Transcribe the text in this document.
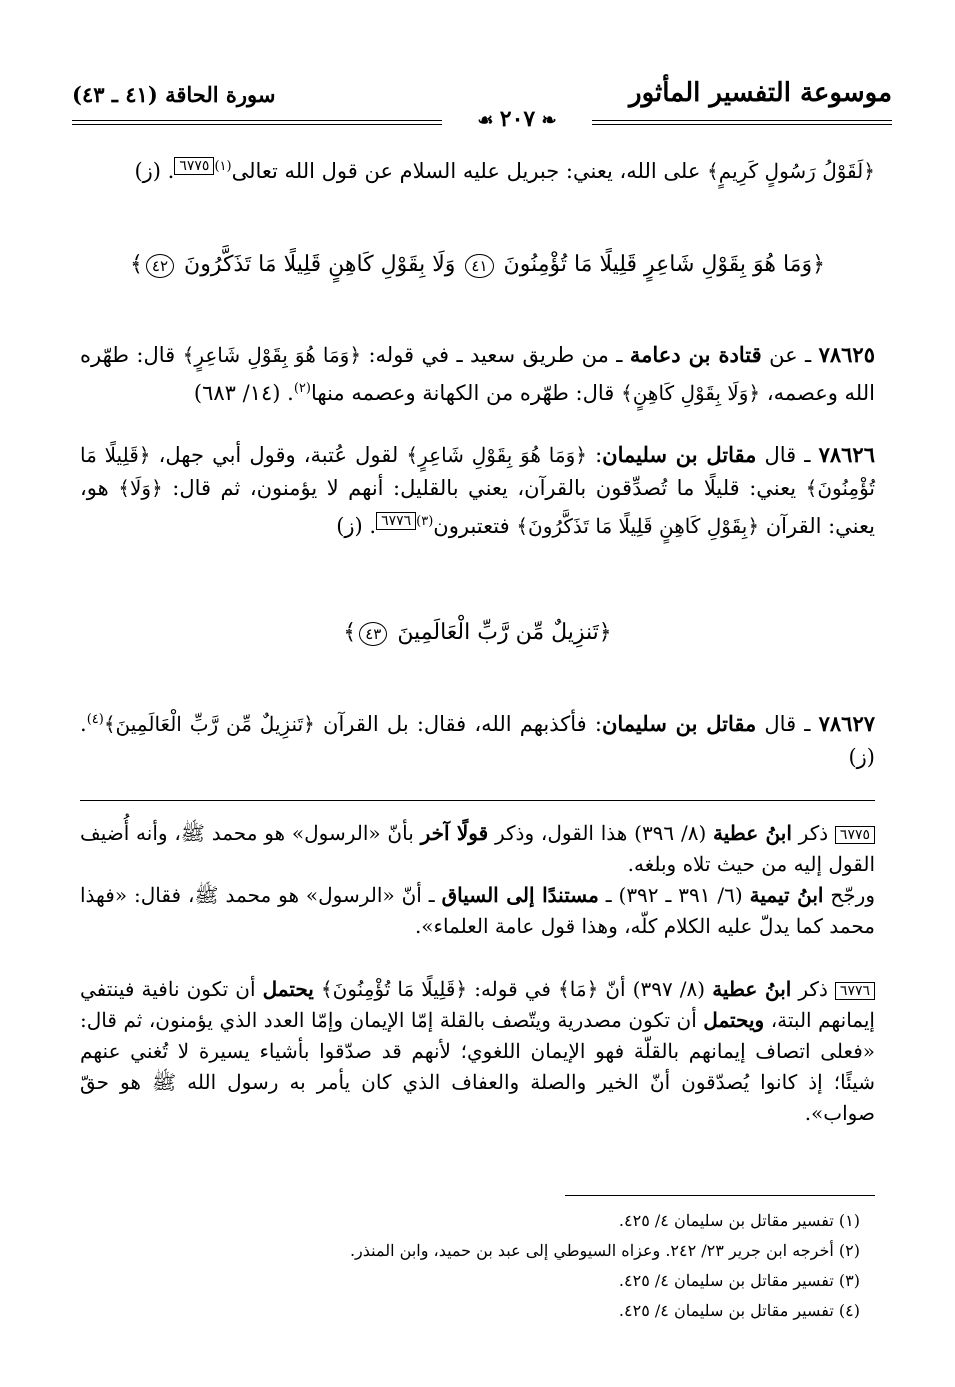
موسوعة التفسير المأثور
سورة الحاقة (٤١ ـ ٤٣)
❧ ٢٠٧ ☙
﴿لَقَوْلُ رَسُولٍ كَرِيمٍ﴾ على الله، يعني: جبريل عليه السلام عن قول الله تعالى$^{(١)}$٦٧٧٥. (ز)
﴿وَمَا هُوَ بِقَوْلِ شَاعِرٍ قَلِيلًا مَا تُؤْمِنُونَ ٤١ وَلَا بِقَوْلِ كَاهِنٍ قَلِيلًا مَا تَذَكَّرُونَ ٤٢﴾
٧٨٦٢٥ ـ عن قتادة بن دعامة ـ من طريق سعيد ـ في قوله: ﴿وَمَا هُوَ بِقَوْلِ شَاعِرٍ﴾ قال: طهّره الله وعصمه، ﴿وَلَا بِقَوْلِ كَاهِنٍ﴾ قال: طهّره من الكهانة وعصمه منها$^{(٢)}$. (١٤/ ٦٨٣)
٧٨٦٢٦ ـ قال مقاتل بن سليمان: ﴿وَمَا هُوَ بِقَوْلِ شَاعِرٍ﴾ لقول عُتبة، وقول أبي جهل، ﴿قَلِيلًا مَا تُؤْمِنُونَ﴾ يعني: قليلًا ما تُصدِّقون بالقرآن، يعني بالقليل: أنهم لا يؤمنون، ثم قال: ﴿وَلَا﴾ هو، يعني: القرآن ﴿بِقَوْلِ كَاهِنٍ قَلِيلًا مَا تَذَكَّرُونَ﴾ فتعتبرون$^{(٣)}$٦٧٧٦. (ز)
﴿تَنزِيلٌ مِّن رَّبِّ الْعَالَمِينَ ٤٣﴾
٧٨٦٢٧ ـ قال مقاتل بن سليمان: فأكذبهم الله، فقال: بل القرآن ﴿تَنزِيلٌ مِّن رَّبِّ الْعَالَمِينَ﴾$^{(٤)}$. (ز)
٦٧٧٥ ذكر ابنُ عطية (٨/ ٣٩٦) هذا القول، وذكر قولًا آخر بأنّ «الرسول» هو محمد ﷺ، وأنه أُضيف القول إليه من حيث تلاه وبلغه.
ورجّح ابنُ تيمية (٦/ ٣٩١ ـ ٣٩٢) ـ مستندًا إلى السياق ـ أنّ «الرسول» هو محمد ﷺ، فقال: «فهذا محمد كما يدلّ عليه الكلام كلّه، وهذا قول عامة العلماء».
٦٧٧٦ ذكر ابنُ عطية (٨/ ٣٩٧) أنّ ﴿مَا﴾ في قوله: ﴿قَلِيلًا مَا تُؤْمِنُونَ﴾ يحتمل أن تكون نافية فينتفي إيمانهم البتة، ويحتمل أن تكون مصدرية ويتّصف بالقلة إمّا الإيمان وإمّا العدد الذي يؤمنون، ثم قال: «فعلى اتصاف إيمانهم بالقلّة فهو الإيمان اللغوي؛ لأنهم قد صدّقوا بأشياء يسيرة لا تُغني عنهم شيئًا؛ إذ كانوا يُصدّقون أنّ الخير والصلة والعفاف الذي كان يأمر به رسول الله ﷺ هو حقّ صواب».
(١) تفسير مقاتل بن سليمان ٤/ ٤٢٥.
(٢) أخرجه ابن جرير ٢٣/ ٢٤٢. وعزاه السيوطي إلى عبد بن حميد، وابن المنذر.
(٣) تفسير مقاتل بن سليمان ٤/ ٤٢٥.
(٤) تفسير مقاتل بن سليمان ٤/ ٤٢٥.
